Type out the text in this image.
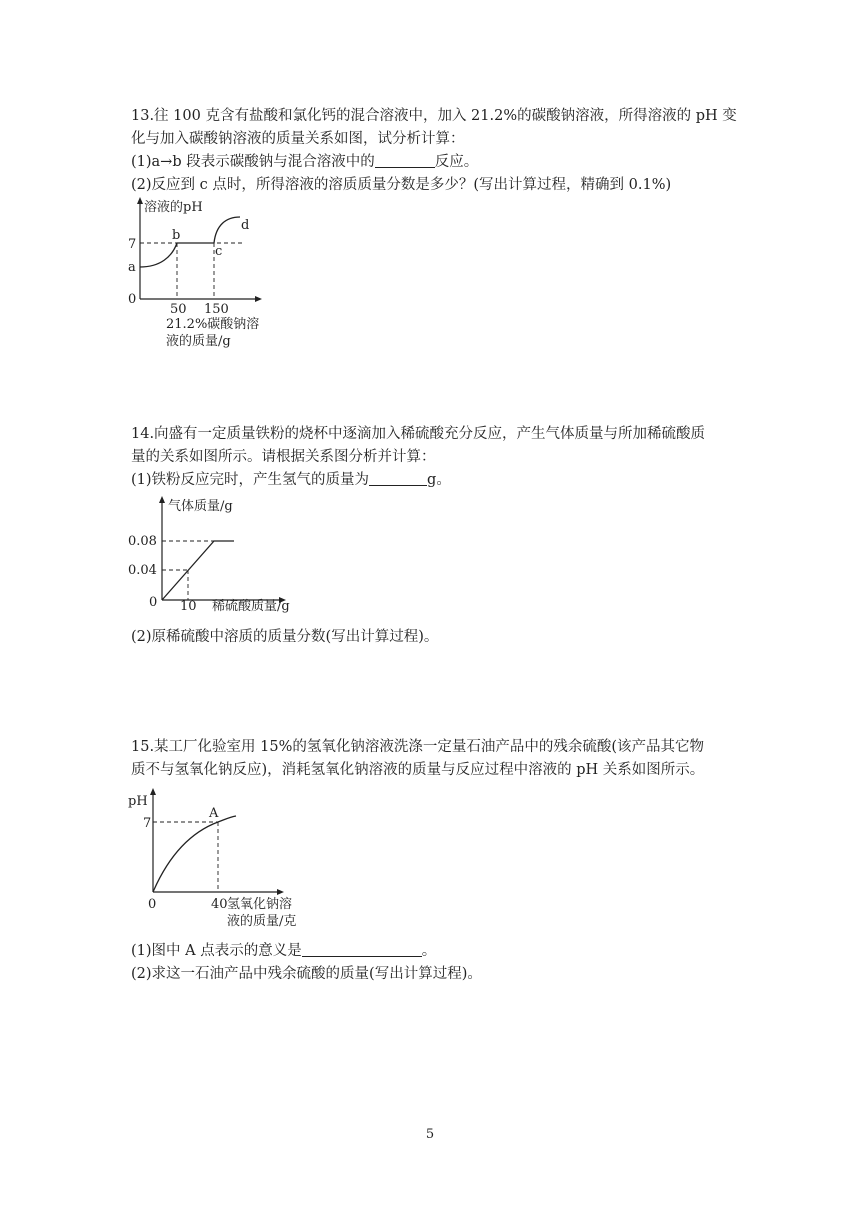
13.往 100 克含有盐酸和氯化钙的混合溶液中，加入 21.2%的碳酸钠溶液，所得溶液的 pH 变
化与加入碳酸钠溶液的质量关系如图，试分析计算：
(1)a→b 段表示碳酸钠与混合溶液中的	反应。
(2)反应到 c 点时，所得溶液的溶质质量分数是多少？(写出计算过程，精确到 0.1%)
溶液的pH
7
a
0
b
c
d
50 150
21.2%碳酸钠溶
液的质量/g
14.向盛有一定质量铁粉的烧杯中逐滴加入稀硫酸充分反应，产生气体质量与所加稀硫酸质
量的关系如图所示。请根据关系图分析并计算：
(1)铁粉反应完时，产生氢气的质量为	g。
气体质量/g
0.08
0.04
0 10 稀硫酸质量/g
(2)原稀硫酸中溶质的质量分数(写出计算过程)。
15.某工厂化验室用 15%的氢氧化钠溶液洗涤一定量石油产品中的残余硫酸(该产品其它物
质不与氢氧化钠反应)，消耗氢氧化钠溶液的质量与反应过程中溶液的 pH 关系如图所示。
pH
7
A
0	40 氢氧化钠溶
液的质量/克
(1)图中 A 点表示的意义是	。
(2)求这一石油产品中残余硫酸的质量(写出计算过程)。
5
